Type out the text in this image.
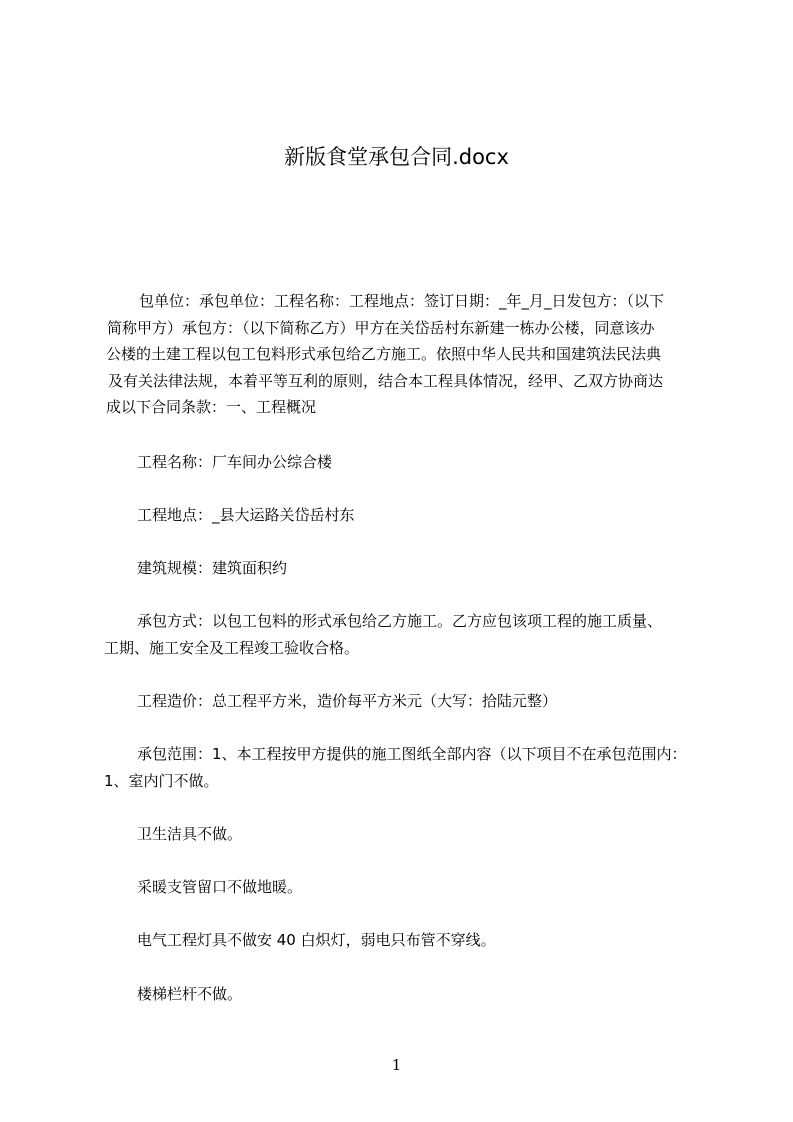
新版食堂承包合同.docx
包单位：承包单位：工程名称：工程地点：签订日期：_年_月_日发包方：（以下
简称甲方）承包方：（以下简称乙方）甲方在关岱岳村东新建一栋办公楼，同意该办
公楼的土建工程以包工包料形式承包给乙方施工。依照中华人民共和国建筑法民法典
及有关法律法规，本着平等互利的原则，结合本工程具体情况，经甲、乙双方协商达
成以下合同条款：一、工程概况
工程名称：厂车间办公综合楼
工程地点：_县大运路关岱岳村东
建筑规模：建筑面积约
承包方式：以包工包料的形式承包给乙方施工。乙方应包该项工程的施工质量、
工期、施工安全及工程竣工验收合格。
工程造价：总工程平方米，造价每平方米元（大写：拾陆元整）
承包范围：1、本工程按甲方提供的施工图纸全部内容（以下项目不在承包范围内：
1、室内门不做。
卫生洁具不做。
采暖支管留口不做地暖。
电气工程灯具不做安 40 白炽灯，弱电只布管不穿线。
楼梯栏杆不做。
1
